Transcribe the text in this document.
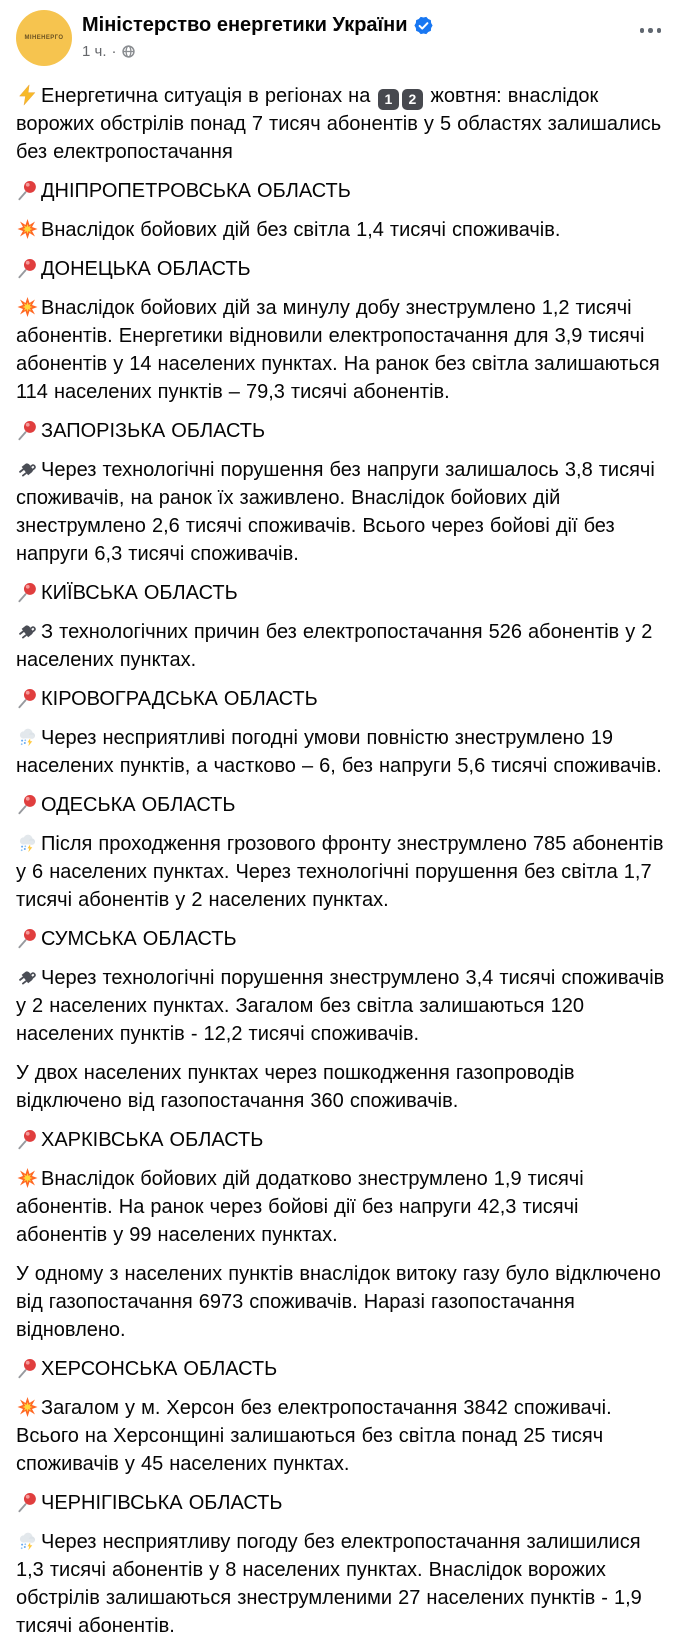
МІНЕНЕРГО
Міністерство енергетики України
1 ч. ·
Енергетична ситуація в регіонах на 1 2 жовтня: внаслідок ворожих обстрілів понад 7 тисяч абонентів у 5 областях залишались без електропостачання
ДНІПРОПЕТРОВСЬКА ОБЛАСТЬ
Внаслідок бойових дій без світла 1,4 тисячі споживачів.
ДОНЕЦЬКА ОБЛАСТЬ
Внаслідок бойових дій за минулу добу знеструмлено 1,2 тисячі абонентів. Енергетики відновили електропостачання для 3,9 тисячі абонентів у 14 населених пунктах. На ранок без світла залишаються 114 населених пунктів – 79,3 тисячі абонентів.
ЗАПОРІЗЬКА ОБЛАСТЬ
Через технологічні порушення без напруги залишалось 3,8 тисячі споживачів, на ранок їх заживлено. Внаслідок бойових дій знеструмлено 2,6 тисячі споживачів. Всього через бойові дії без напруги 6,3 тисячі споживачів.
КИЇВСЬКА ОБЛАСТЬ
З технологічних причин без електропостачання 526 абонентів у 2 населених пунктах.
КІРОВОГРАДСЬКА ОБЛАСТЬ
Через несприятливі погодні умови повністю знеструмлено 19 населених пунктів, а частково – 6, без напруги 5,6 тисячі споживачів.
ОДЕСЬКА ОБЛАСТЬ
Після проходження грозового фронту знеструмлено 785 абонентів у 6 населених пунктах. Через технологічні порушення без світла 1,7 тисячі абонентів у 2 населених пунктах.
СУМСЬКА ОБЛАСТЬ
Через технологічні порушення знеструмлено 3,4 тисячі споживачів у 2 населених пунктах. Загалом без світла залишаються 120 населених пунктів - 12,2 тисячі споживачів.
У двох населених пунктах через пошкодження газопроводів відключено від газопостачання 360 споживачів.
ХАРКІВСЬКА ОБЛАСТЬ
Внаслідок бойових дій додатково знеструмлено 1,9 тисячі абонентів. На ранок через бойові дії без напруги 42,3 тисячі абонентів у 99 населених пунктах.
У одному з населених пунктів внаслідок витоку газу було відключено від газопостачання 6973 споживачів. Наразі газопостачання відновлено.
ХЕРСОНСЬКА ОБЛАСТЬ
Загалом у м. Херсон без електропостачання 3842 споживачі. Всього на Херсонщині залишаються без світла понад 25 тисяч споживачів у 45 населених пунктах.
ЧЕРНІГІВСЬКА ОБЛАСТЬ
Через несприятливу погоду без електропостачання залишилися 1,3 тисячі абонентів у 8 населених пунктах. Внаслідок ворожих обстрілів залишаються знеструмленими 27 населених пунктів - 1,9 тисячі абонентів.
